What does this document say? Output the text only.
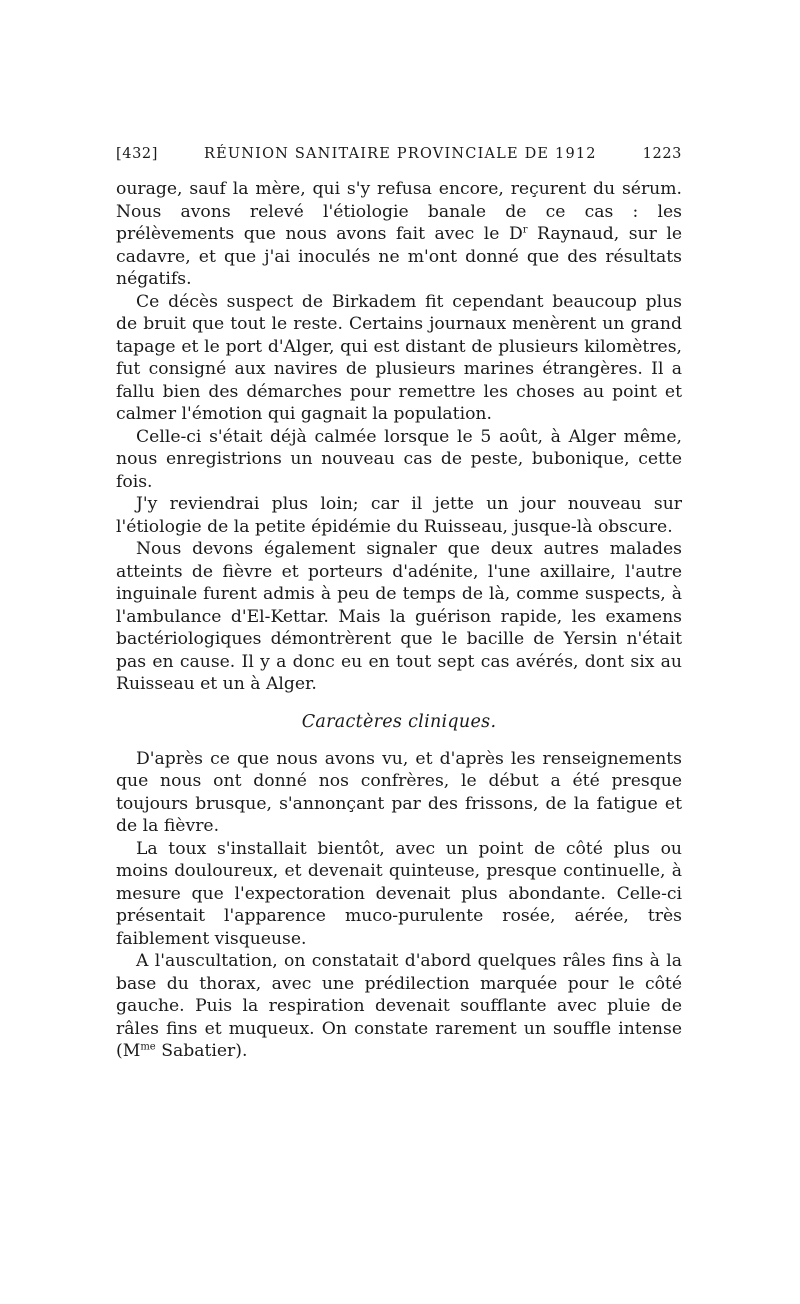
[432]	RÉUNION SANITAIRE PROVINCIALE DE 1912	1223

ourage, sauf la mère, qui s'y refusa encore, reçurent du sérum. Nous avons relevé l'étiologie banale de ce cas : les prélèvements que nous avons fait avec le $D^r$ Raynaud, sur le cadavre, et que j'ai inoculés ne m'ont donné que des résultats négatifs.

Ce décès suspect de Birkadem fit cependant beaucoup plus de bruit que tout le reste. Certains journaux menèrent un grand tapage et le port d'Alger, qui est distant de plusieurs kilomètres, fut consigné aux navires de plusieurs marines étrangères. Il a fallu bien des démarches pour remettre les choses au point et calmer l'émotion qui gagnait la population.

Celle-ci s'était déjà calmée lorsque le 5 août, à Alger même, nous enregistrions un nouveau cas de peste, bubonique, cette fois.

J'y reviendrai plus loin; car il jette un jour nouveau sur l'étiologie de la petite épidémie du Ruisseau, jusque-là obscure.

Nous devons également signaler que deux autres malades atteints de fièvre et porteurs d'adénite, l'une axillaire, l'autre inguinale furent admis à peu de temps de là, comme suspects, à l'ambulance d'El-Kettar. Mais la guérison rapide, les examens bactériologiques démontrèrent que le bacille de Yersin n'était pas en cause. Il y a donc eu en tout sept cas avérés, dont six au Ruisseau et un à Alger.

Caractères cliniques.

D'après ce que nous avons vu, et d'après les renseignements que nous ont donné nos confrères, le début a été presque toujours brusque, s'annonçant par des frissons, de la fatigue et de la fièvre.

La toux s'installait bientôt, avec un point de côté plus ou moins douloureux, et devenait quinteuse, presque continuelle, à mesure que l'expectoration devenait plus abondante. Celle-ci présentait l'apparence muco-purulente rosée, aérée, très faiblement visqueuse.

A l'auscultation, on constatait d'abord quelques râles fins à la base du thorax, avec une prédilection marquée pour le côté gauche. Puis la respiration devenait soufflante avec pluie de râles fins et muqueux. On constate rarement un souffle intense ($M^{me}$ Sabatier).
